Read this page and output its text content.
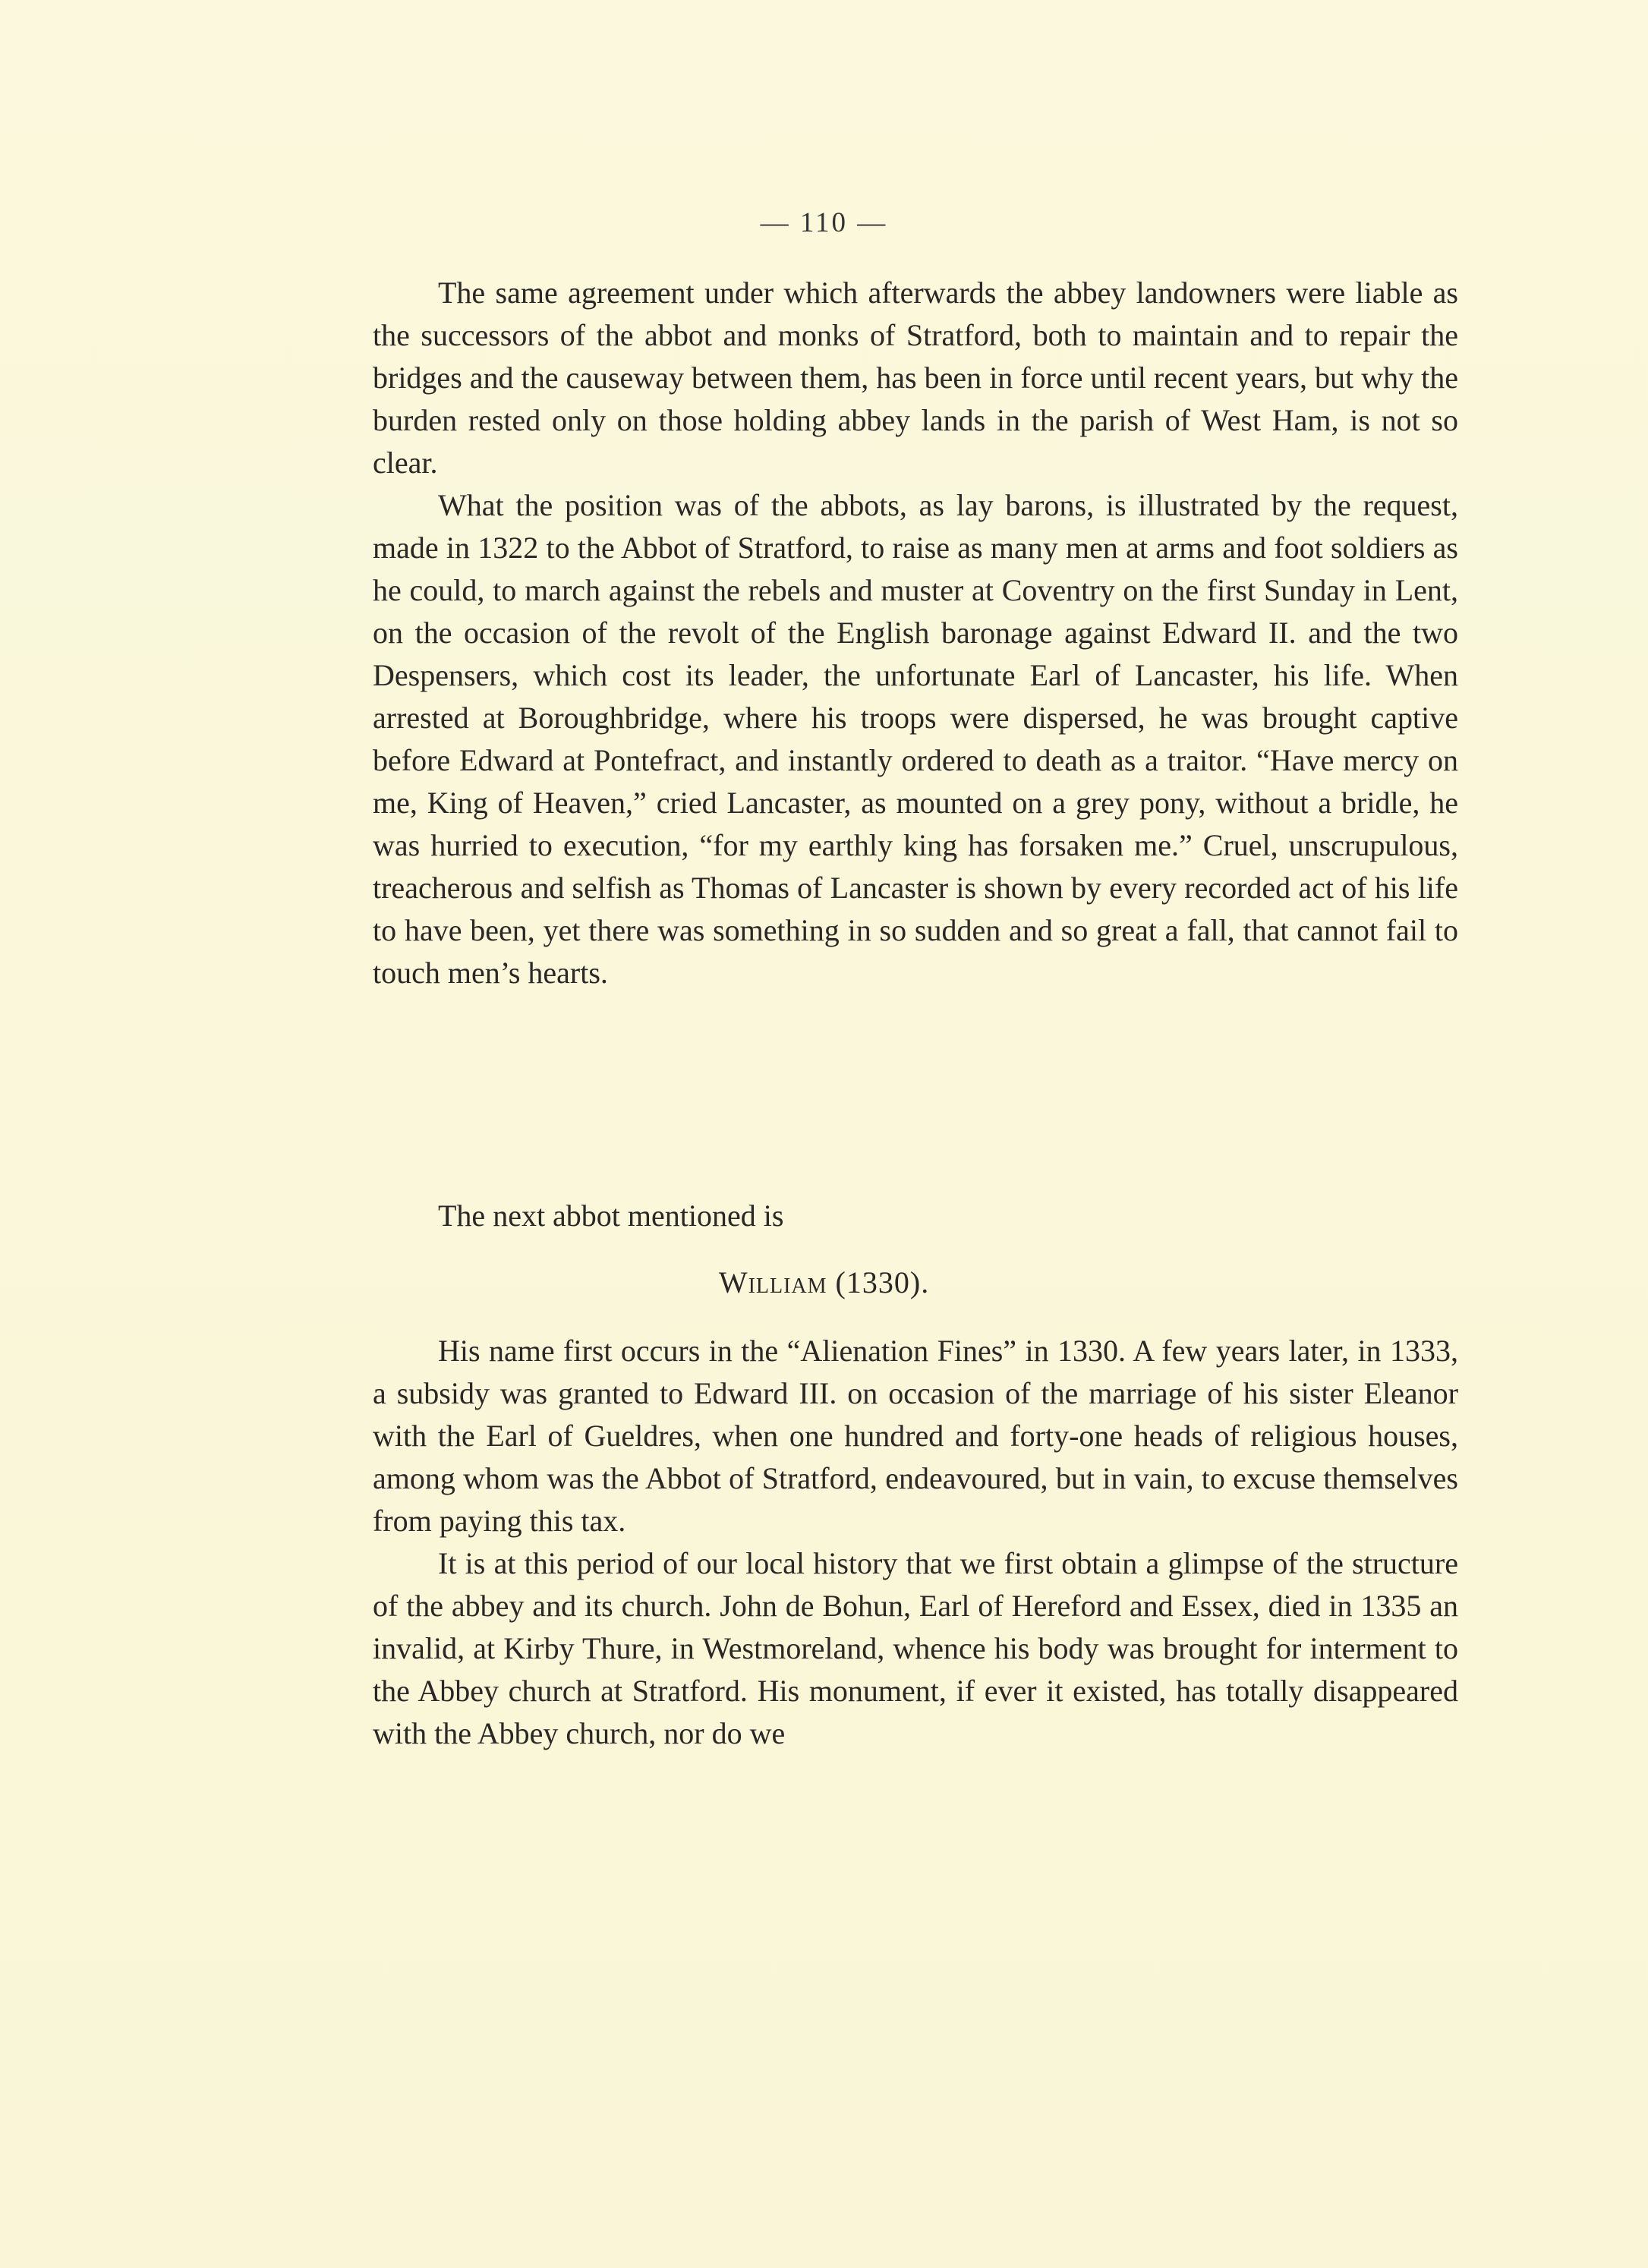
— 110 —

The same agreement under which afterwards the abbey landowners were liable as the successors of the abbot and monks of Stratford, both to maintain and to repair the bridges and the causeway between them, has been in force until recent years, but why the burden rested only on those holding abbey lands in the parish of West Ham, is not so clear.

What the position was of the abbots, as lay barons, is illustrated by the request, made in 1322 to the Abbot of Stratford, to raise as many men at arms and foot soldiers as he could, to march against the rebels and muster at Coventry on the first Sunday in Lent, on the occasion of the revolt of the English baronage against Edward II. and the two Despensers, which cost its leader, the unfortunate Earl of Lancaster, his life. When arrested at Boroughbridge, where his troops were dispersed, he was brought captive before Edward at Pontefract, and instantly ordered to death as a traitor. “Have mercy on me, King of Heaven,” cried Lancaster, as mounted on a grey pony, without a bridle, he was hurried to execution, “for my earthly king has forsaken me.” Cruel, unscrupulous, treacherous and selfish as Thomas of Lancaster is shown by every recorded act of his life to have been, yet there was something in so sudden and so great a fall, that cannot fail to touch men’s hearts.

The next abbot mentioned is

William (1330).

His name first occurs in the “Alienation Fines” in 1330. A few years later, in 1333, a subsidy was granted to Edward III. on occasion of the marriage of his sister Eleanor with the Earl of Gueldres, when one hundred and forty-one heads of religious houses, among whom was the Abbot of Stratford, endeavoured, but in vain, to excuse themselves from paying this tax.

It is at this period of our local history that we first obtain a glimpse of the structure of the abbey and its church. John de Bohun, Earl of Hereford and Essex, died in 1335 an invalid, at Kirby Thure, in Westmoreland, whence his body was brought for interment to the Abbey church at Stratford. His monument, if ever it existed, has totally disappeared with the Abbey church, nor do we
